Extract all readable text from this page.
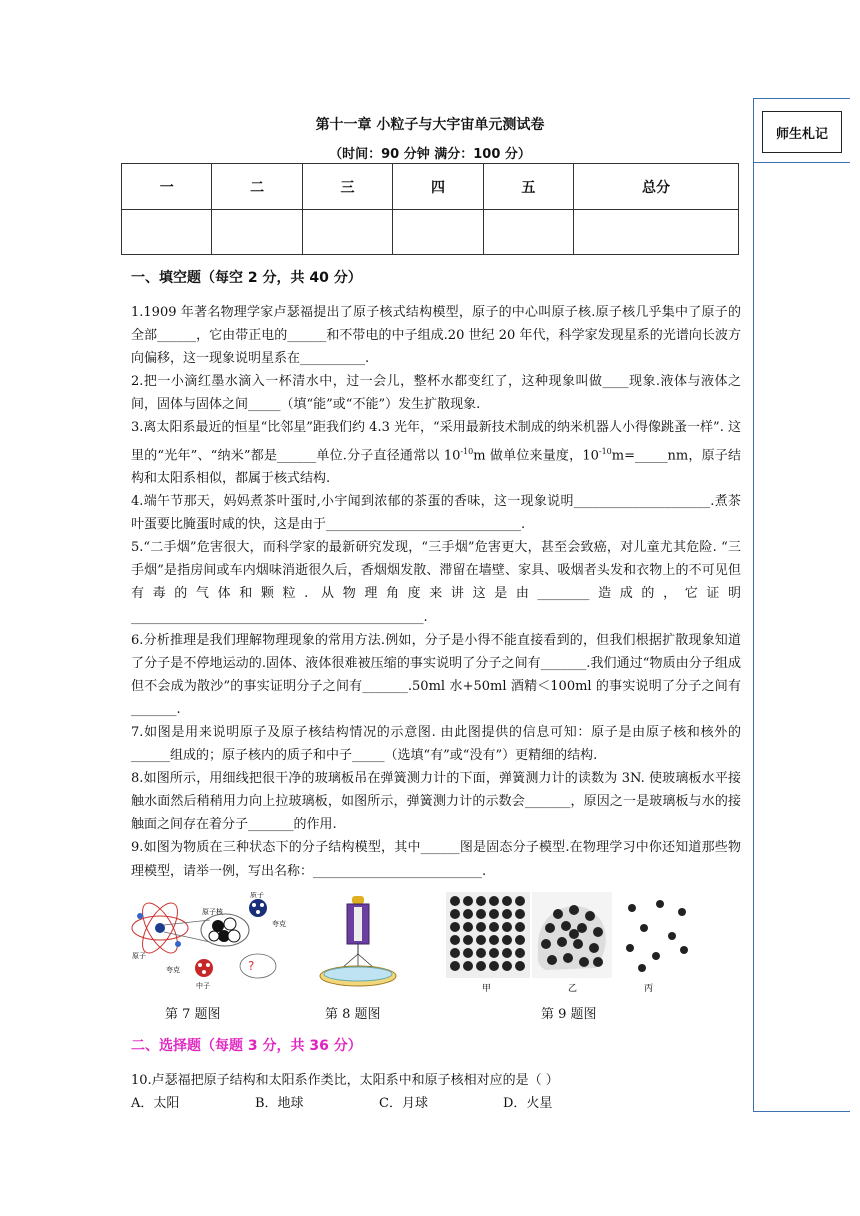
第十一章 小粒子与大宇宙单元测试卷
（时间：90 分钟 满分：100 分）
一	二	三	四	五	总分

师生札记
一、填空题（每空 2 分，共 40 分）

1.1909 年著名物理学家卢瑟福提出了原子核式结构模型，原子的中心叫原子核.原子核几乎集中了原子的全部______，它由带正电的______和不带电的中子组成.20 世纪 20 年代，科学家发现星系的光谱向长波方向偏移，这一现象说明星系在__________.

2.把一小滴红墨水滴入一杯清水中，过一会儿，整杯水都变红了，这种现象叫做____现象.液体与液体之间，固体与固体之间_____（填“能”或“不能”）发生扩散现象.

3.离太阳系最近的恒星“比邻星”距我们约 4.3 光年，“采用最新技术制成的纳米机器人小得像跳蚤一样”. 这里的“光年”、“纳米”都是______单位.分子直径通常以 $10^{-10}m$ 做单位来量度，$10^{-10}m=\_\_\_\_\_nm$，原子结构和太阳系相似，都属于核式结构.

4.端午节那天，妈妈煮茶叶蛋时,小宇闻到浓郁的茶蛋的香味，这一现象说明_____________________.煮茶叶蛋要比腌蛋时咸的快，这是由于______________________________.

5.“二手烟”危害很大，而科学家的最新研究发现，“三手烟”危害更大，甚至会致癌，对儿童尤其危险. “三手烟”是指房间或车内烟味消逝很久后，香烟烟发散、滞留在墙壁、家具、吸烟者头发和衣物上的不可见但有毒的气体和颗粒. 从物理角度来讲这是由________造成的，它证明_____________________________________________.

6.分析推理是我们理解物理现象的常用方法.例如，分子是小得不能直接看到的，但我们根据扩散现象知道了分子是不停地运动的.固体、液体很难被压缩的事实说明了分子之间有_______.我们通过“物质由分子组成但不会成为散沙”的事实证明分子之间有_______.50ml 水+50ml 酒精＜100ml 的事实说明了分子之间有_______.

7.如图是用来说明原子及原子核结构情况的示意图. 由此图提供的信息可知：原子是由原子核和核外的______组成的；原子核内的质子和中子_____（选填“有”或“没有”）更精细的结构.

8.如图所示，用细线把很干净的玻璃板吊在弹簧测力计的下面，弹簧测力计的读数为 3N. 使玻璃板水平接触水面然后稍稍用力向上拉玻璃板，如图所示，弹簧测力计的示数会_______，原因之一是玻璃板与水的接触面之间存在着分子_______的作用.

9.如图为物质在三种状态下的分子结构模型，其中______图是固态分子模型.在物理学习中你还知道那些物理模型，请举一例，写出名称：__________________________.

?
原子核
质子
夸克
原子
夸克
中子
第 7 题图	第 8 题图
甲	乙	丙
第 9 题图
二、选择题（每题 3 分，共 36 分）
10.卢瑟福把原子结构和太阳系作类比，太阳系中和原子核相对应的是（ ）
A．太阳	B．地球	C．月球	D．火星
